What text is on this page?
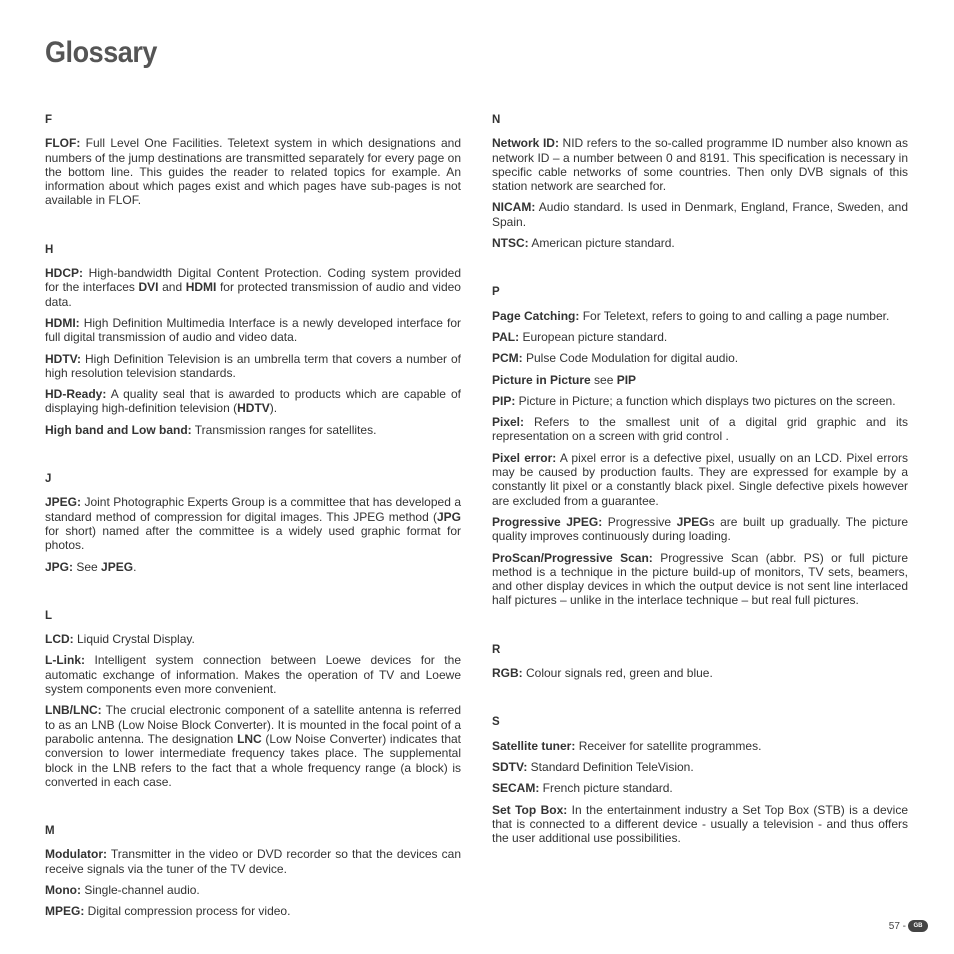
Glossary
F

FLOF: Full Level One Facilities. Teletext system in which designations and numbers of the jump destinations are transmitted separately for every page on the bottom line. This guides the reader to related topics for example. An information about which pages exist and which pages have sub-pages is not available in FLOF.

H

HDCP: High-bandwidth Digital Content Protection. Coding system provided for the interfaces DVI and HDMI for protected transmission of audio and video data.

HDMI: High Definition Multimedia Interface is a newly developed interface for full digital transmission of audio and video data.

HDTV: High Definition Television is an umbrella term that covers a number of high resolution television standards.

HD-Ready: A quality seal that is awarded to products which are capable of displaying high-definition television (HDTV).

High band and Low band: Transmission ranges for satellites.

J

JPEG: Joint Photographic Experts Group is a committee that has developed a standard method of compression for digital images. This JPEG method (JPG for short) named after the committee is a widely used graphic format for photos.

JPG: See JPEG.

L

LCD: Liquid Crystal Display.

L-Link: Intelligent system connection between Loewe devices for the automatic exchange of information. Makes the operation of TV and Loewe system components even more convenient.

LNB/LNC: The crucial electronic component of a satellite antenna is referred to as an LNB (Low Noise Block Converter). It is mounted in the focal point of a parabolic antenna. The designation LNC (Low Noise Converter) indicates that conversion to lower intermediate frequency takes place. The supplemental block in the LNB refers to the fact that a whole frequency range (a block) is converted in each case.

M

Modulator: Transmitter in the video or DVD recorder so that the devices can receive signals via the tuner of the TV device.

Mono: Single-channel audio.

MPEG: Digital compression process for video.

N

Network ID: NID refers to the so-called programme ID number also known as network ID – a number between 0 and 8191. This specification is necessary in specific cable networks of some countries. Then only DVB signals of this station network are searched for.

NICAM: Audio standard. Is used in Denmark, England, France, Sweden, and Spain.

NTSC: American picture standard.

P

Page Catching: For Teletext, refers to going to and calling a page number.

PAL: European picture standard.

PCM: Pulse Code Modulation for digital audio.

Picture in Picture see PIP

PIP: Picture in Picture; a function which displays two pictures on the screen.

Pixel: Refers to the smallest unit of a digital grid graphic and its representation on a screen with grid control .

Pixel error: A pixel error is a defective pixel, usually on an LCD. Pixel errors may be caused by production faults. They are expressed for example by a constantly lit pixel or a constantly black pixel. Single defective pixels however are excluded from a guarantee.

Progressive JPEG: Progressive JPEGs are built up gradually. The picture quality improves continuously during loading.

ProScan/Progressive Scan: Progressive Scan (abbr. PS) or full picture method is a technique in the picture build-up of monitors, TV sets, beamers, and other display devices in which the output device is not sent line interlaced half pictures – unlike in the interlace technique – but real full pictures.

R

RGB: Colour signals red, green and blue.

S

Satellite tuner: Receiver for satellite programmes.

SDTV: Standard Definition TeleVision.

SECAM: French picture standard.

Set Top Box: In the entertainment industry a Set Top Box (STB) is a device that is connected to a different device - usually a television - and thus offers the user additional use possibilities.

57 -	GB
